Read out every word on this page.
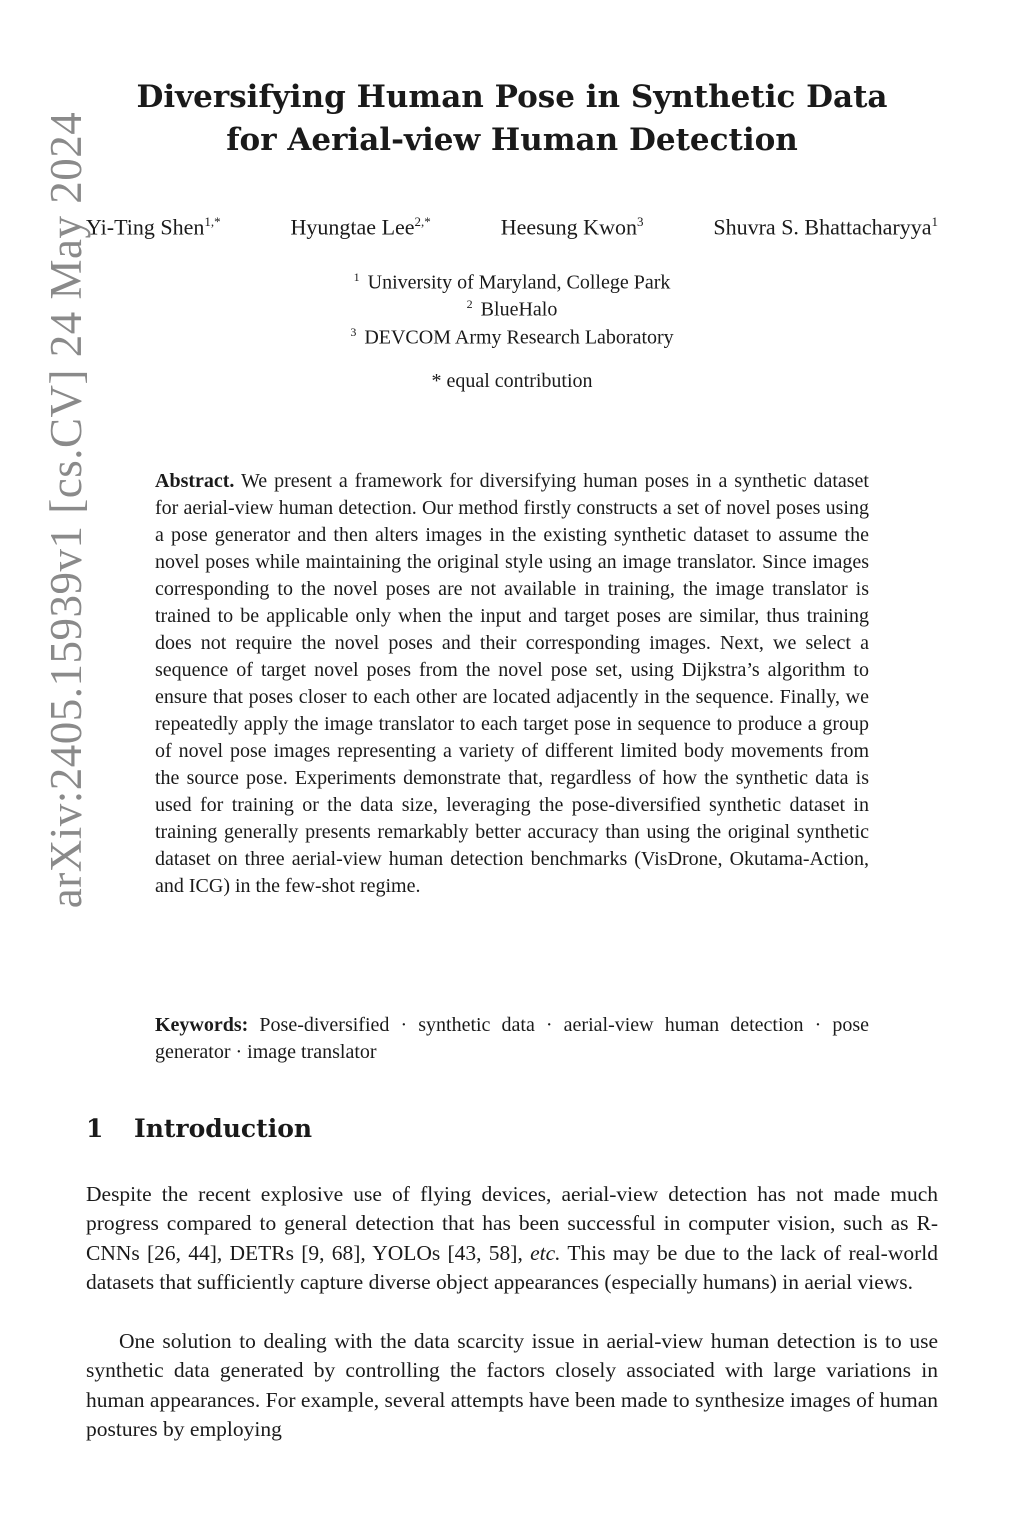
arXiv:2405.15939v1 [cs.CV] 24 May 2024
Diversifying Human Pose in Synthetic Data
for Aerial-view Human Detection
Yi-Ting Shen$^{1,*}$	Hyungtae Lee$^{2,*}$	Heesung Kwon$^3$	Shuvra S. Bhattacharyya$^1$
$^1$ University of Maryland, College Park
$^2$ BlueHalo
$^3$ DEVCOM Army Research Laboratory
* equal contribution

Abstract. We present a framework for diversifying human poses in a synthetic dataset for aerial-view human detection. Our method firstly constructs a set of novel poses using a pose generator and then alters images in the existing synthetic dataset to assume the novel poses while maintaining the original style using an image translator. Since images corresponding to the novel poses are not available in training, the image translator is trained to be applicable only when the input and target poses are similar, thus training does not require the novel poses and their corresponding images. Next, we select a sequence of target novel poses from the novel pose set, using Dijkstra’s algorithm to ensure that poses closer to each other are located adjacently in the sequence. Finally, we repeatedly apply the image translator to each target pose in sequence to produce a group of novel pose images representing a variety of different limited body movements from the source pose. Experiments demonstrate that, regardless of how the synthetic data is used for training or the data size, leveraging the pose-diversified synthetic dataset in training generally presents remarkably better accuracy than using the original synthetic dataset on three aerial-view human detection benchmarks (VisDrone, Okutama-Action, and ICG) in the few-shot regime.

Keywords: Pose-diversified · synthetic data · aerial-view human detection · pose generator · image translator

1 Introduction

Despite the recent explosive use of flying devices, aerial-view detection has not made much progress compared to general detection that has been successful in computer vision, such as R-CNNs [26, 44], DETRs [9, 68], YOLOs [43, 58], etc. This may be due to the lack of real-world datasets that sufficiently capture diverse object appearances (especially humans) in aerial views.

One solution to dealing with the data scarcity issue in aerial-view human detection is to use synthetic data generated by controlling the factors closely associated with large variations in human appearances. For example, several attempts have been made to synthesize images of human postures by employing
